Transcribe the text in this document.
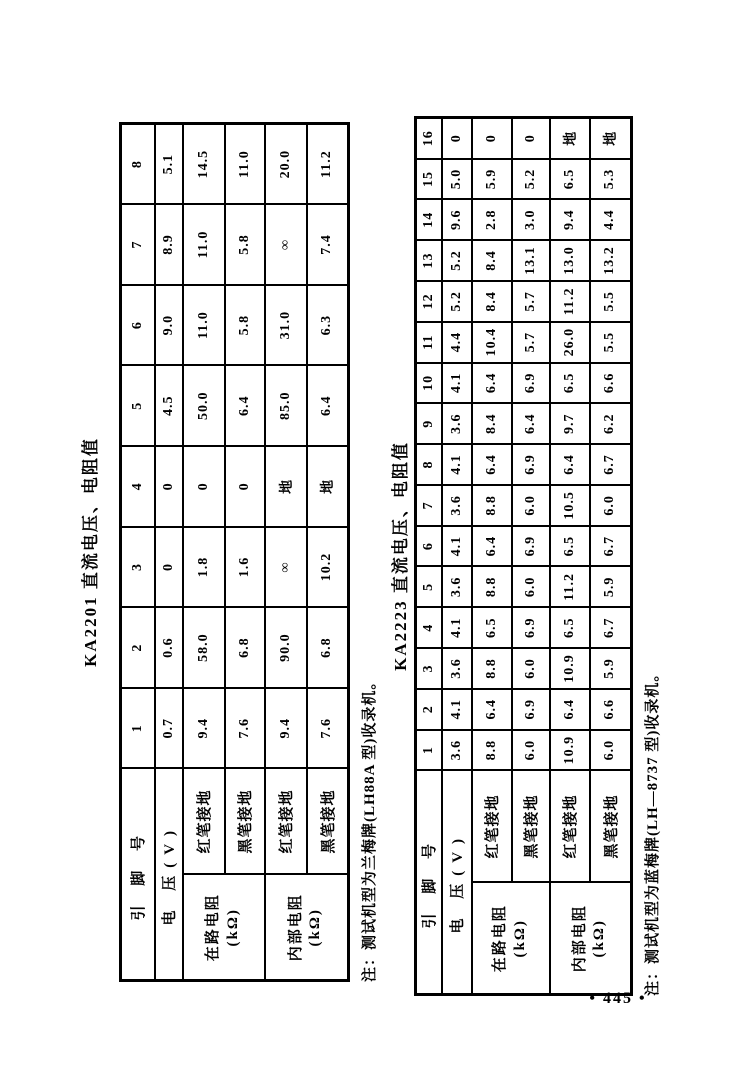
KA2201 直流电压、电阻值
引 脚 号		1	2	3	4	5	6	7	8
电 压(V)		0.7	0.6	0	0	4.5	9.0	8.9	5.1
在路电阻 (kΩ)	红笔接地	9.4	58.0	1.8	0	50.0	11.0	11.0	14.5
	黑笔接地	7.6	6.8	1.6	0	6.4	5.8	5.8	11.0
内部电阻 (kΩ)	红笔接地	9.4	90.0	∞	地	85.0	31.0	∞	20.0
	黑笔接地	7.6	6.8	10.2	地	6.4	6.3	7.4	11.2
注：测试机型为兰梅牌(LH88A 型)收录机。
KA2223 直流电压、电阻值
引 脚 号		1	2	3	4	5	6	7	8	9	10	11	12	13	14	15	16
电 压(V)		3.6	4.1	3.6	4.1	3.6	4.1	3.6	4.1	3.6	4.1	4.4	5.2	5.2	9.6	5.0	0
在路电阻 (kΩ)	红笔接地	8.8	6.4	8.8	6.5	8.8	6.4	8.8	6.4	8.4	6.4	10.4	8.4	8.4	2.8	5.9	0
	黑笔接地	6.0	6.9	6.0	6.9	6.0	6.9	6.0	6.9	6.4	6.9	5.7	5.7	13.1	3.0	5.2	0
内部电阻 (kΩ)	红笔接地	10.9	6.4	10.9	6.5	11.2	6.5	10.5	6.4	9.7	6.5	26.0	11.2	13.0	9.4	6.5	地
	黑笔接地	6.0	6.6	5.9	6.7	5.9	6.7	6.0	6.7	6.2	6.6	5.5	5.5	13.2	4.4	5.3	地
注：测试机型为蓝梅牌(LH—8737 型)收录机。
• 445 •
